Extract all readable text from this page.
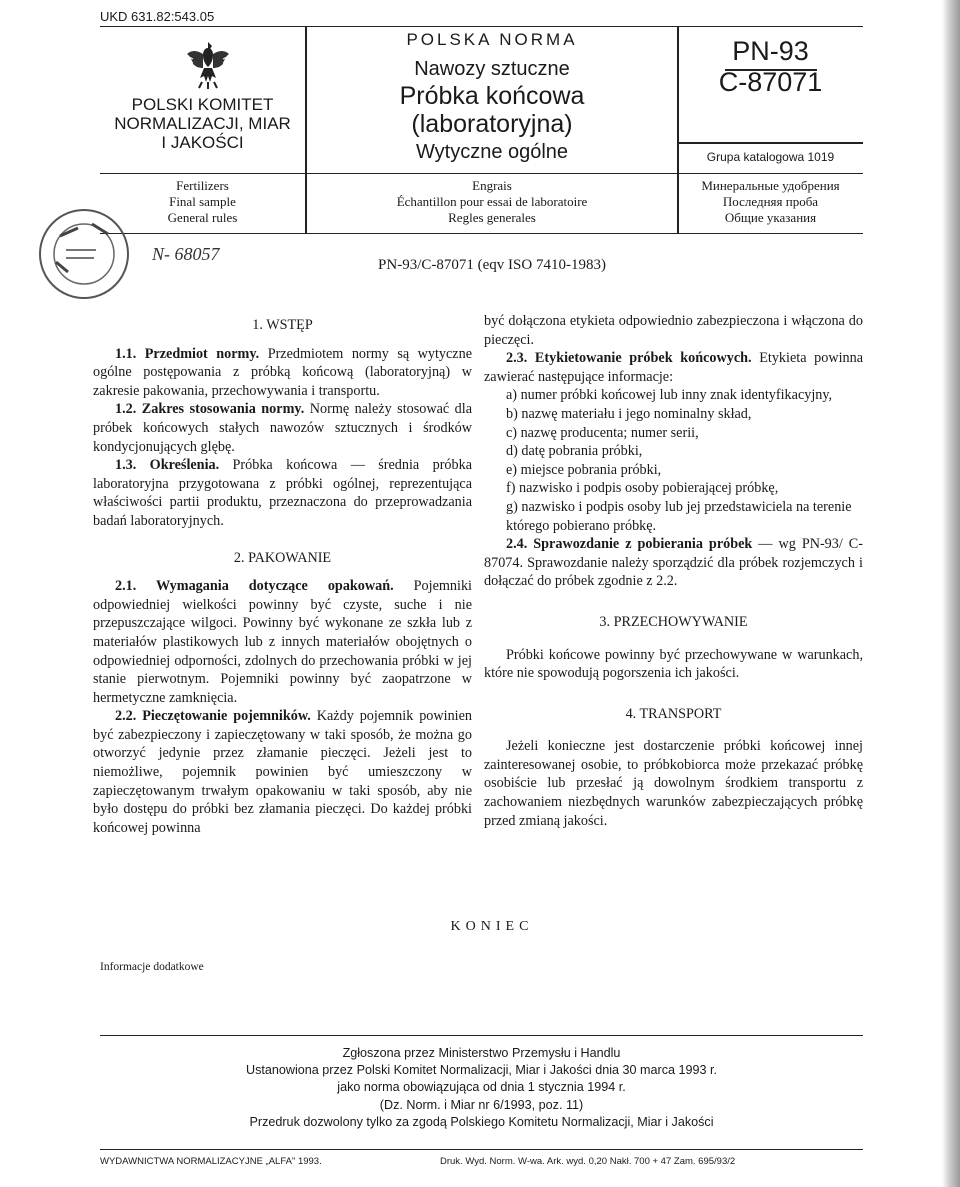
UKD 631.82:543.05
POLSKI KOMITET
NORMALIZACJI, MIAR
I JAKOŚCI
POLSKA NORMA
Nawozy sztuczne
Próbka końcowa
(laboratoryjna)
Wytyczne ogólne
PN-93
C-87071
Grupa katalogowa 1019
Fertilizers
Final sample
General rules
Engrais
Échantillon pour essai de laboratoire
Regles generales
Минеральные удобрения
Последняя проба
Общие указания
N- 68057
PN-93/C-87071 (eqv ISO 7410-1983)

1. WSTĘP

1.1. Przedmiot normy. Przedmiotem normy są wytyczne ogólne postępowania z próbką końcową (laboratoryjną) w zakresie pakowania, przechowywania i transportu.

1.2. Zakres stosowania normy. Normę należy stosować dla próbek końcowych stałych nawozów sztucznych i środków kondycjonujących glębę.

1.3. Określenia. Próbka końcowa — średnia próbka laboratoryjna przygotowana z próbki ogólnej, reprezentująca właściwości partii produktu, przeznaczona do przeprowadzania badań laboratoryjnych.

2. PAKOWANIE

2.1. Wymagania dotyczące opakowań. Pojemniki odpowiedniej wielkości powinny być czyste, suche i nie przepuszczające wilgoci. Powinny być wykonane ze szkła lub z materiałów plastikowych lub z innych materiałów obojętnych o odpowiedniej odporności, zdolnych do przechowania próbki w jej stanie pierwotnym. Pojemniki powinny być zaopatrzone w hermetyczne zamknięcia.

2.2. Pieczętowanie pojemników. Każdy pojemnik powinien być zabezpieczony i zapieczętowany w taki sposób, że można go otworzyć jedynie przez złamanie pieczęci. Jeżeli jest to niemożliwe, pojemnik powinien być umieszczony w zapieczętowanym trwałym opakowaniu w taki sposób, aby nie było dostępu do próbki bez złamania pieczęci. Do każdej próbki końcowej powinna

być dołączona etykieta odpowiednio zabezpieczona i włączona do pieczęci.

2.3. Etykietowanie próbek końcowych. Etykieta powinna zawierać następujące informacje:

a) numer próbki końcowej lub inny znak identyfikacyjny,

b) nazwę materiału i jego nominalny skład,

c) nazwę producenta; numer serii,

d) datę pobrania próbki,

e) miejsce pobrania próbki,

f) nazwisko i podpis osoby pobierającej próbkę,

g) nazwisko i podpis osoby lub jej przedstawiciela na terenie którego pobierano próbkę.

2.4. Sprawozdanie z pobierania próbek — wg PN-93/ C-87074. Sprawozdanie należy sporządzić dla próbek rozjemczych i dołączać do próbek zgodnie z 2.2.

3. PRZECHOWYWANIE

Próbki końcowe powinny być przechowywane w warunkach, które nie spowodują pogorszenia ich jakości.

4. TRANSPORT

Jeżeli konieczne jest dostarczenie próbki końcowej innej zainteresowanej osobie, to próbkobiorca może przekazać próbkę osobiście lub przesłać ją dowolnym środkiem transportu z zachowaniem niezbędnych warunków zabezpieczających próbkę przed zmianą jakości.

KONIEC
Informacje dodatkowe
Zgłoszona przez Ministerstwo Przemysłu i Handlu
Ustanowiona przez Polski Komitet Normalizacji, Miar i Jakości dnia 30 marca 1993 r.
jako norma obowiązująca od dnia 1 stycznia 1994 r.
(Dz. Norm. i Miar nr 6/1993, poz. 11)
Przedruk dozwolony tylko za zgodą Polskiego Komitetu Normalizacji, Miar i Jakości
WYDAWNICTWA NORMALIZACYJNE „ALFA" 1993.	Druk. Wyd. Norm. W-wa. Ark. wyd. 0,20 Nakł. 700 + 47 Zam. 695/93/2
